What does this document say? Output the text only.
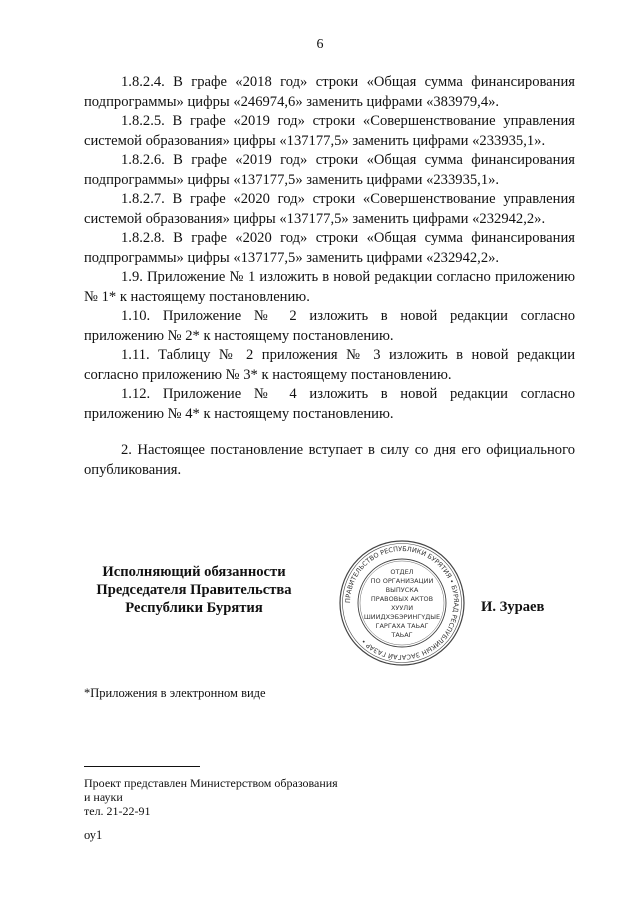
6

1.8.2.4. В графе «2018 год» строки «Общая сумма финансирования подпрограммы» цифры «246974,6» заменить цифрами «383979,4».

1.8.2.5. В графе «2019 год» строки «Совершенствование управления системой образования» цифры «137177,5» заменить цифрами «233935,1».

1.8.2.6. В графе «2019 год» строки «Общая сумма финансирования подпрограммы» цифры «137177,5» заменить цифрами «233935,1».

1.8.2.7. В графе «2020 год» строки «Совершенствование управления системой образования» цифры «137177,5» заменить цифрами «232942,2».

1.8.2.8. В графе «2020 год» строки «Общая сумма финансирования подпрограммы» цифры «137177,5» заменить цифрами «232942,2».

1.9. Приложение № 1 изложить в новой редакции согласно приложению № 1* к настоящему постановлению.

1.10. Приложение № 2 изложить в новой редакции согласно приложению № 2* к настоящему постановлению.

1.11. Таблицу № 2 приложения № 3 изложить в новой редакции согласно приложению № 3* к настоящему постановлению.

1.12. Приложение № 4 изложить в новой редакции согласно приложению № 4* к настоящему постановлению.

2. Настоящее постановление вступает в силу со дня его официального опубликования.

Исполняющий обязанности
Председателя Правительства
Республики Бурятия	ПРАВИТЕЛЬСТВО РЕСПУБЛИКИ БУРЯТИЯ • БУРЯАД РЕСПУБЛИКЫН ЗАСАГАЙ ГАЗАР •
ОТДЕЛ
ПО ОРГАНИЗАЦИИ
ВЫПУСКА
ПРАВОВЫХ АКТОВ
ХУУЛИ
ШИИДХЭБЭРИНГҮДЫЕ
ГАРГАХА ТАЬАГ
ТАЬАГ
И. Зураев
*Приложения в электронном виде
Проект представлен Министерством образования
и науки
тел. 21-22-91
оу1
